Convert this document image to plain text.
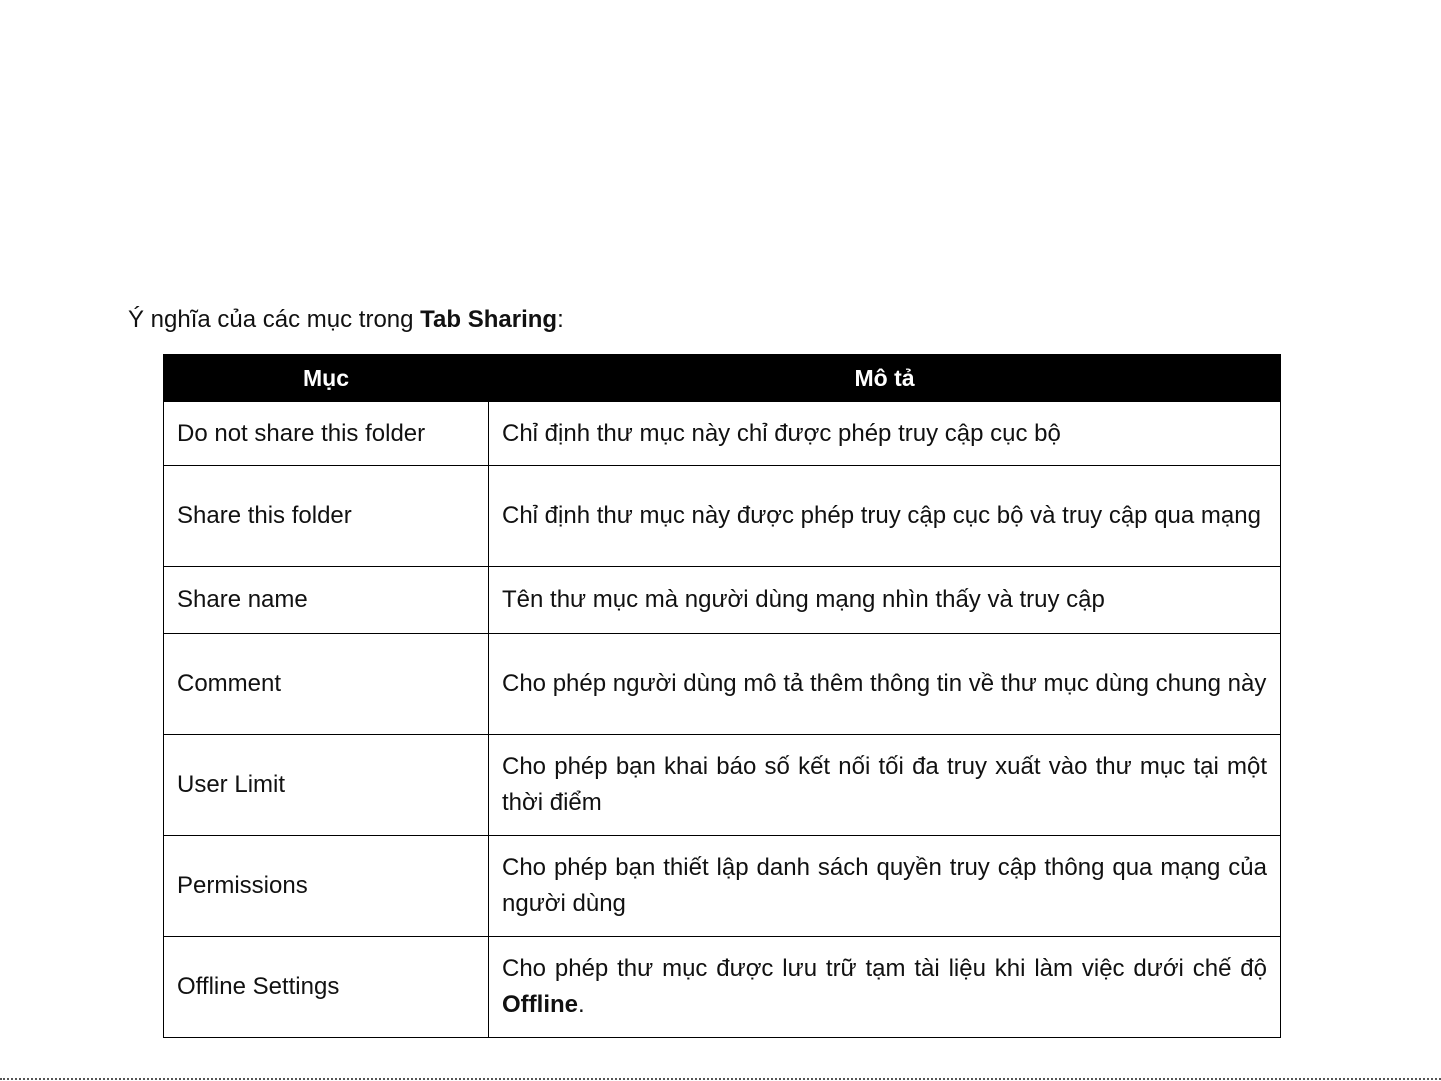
Ý nghĩa của các mục trong Tab Sharing:
Mục	Mô tả
Do not share this folder	Chỉ định thư mục này chỉ được phép truy cập cục bộ
Share this folder	Chỉ định thư mục này được phép truy cập cục bộ và truy cập qua mạng
Share name	Tên thư mục mà người dùng mạng nhìn thấy và truy cập
Comment	Cho phép người dùng mô tả thêm thông tin về thư mục dùng chung này
User Limit	Cho phép bạn khai báo số kết nối tối đa truy xuất vào thư mục tại một thời điểm
Permissions	Cho phép bạn thiết lập danh sách quyền truy cập thông qua mạng của người dùng
Offline Settings	Cho phép thư mục được lưu trữ tạm tài liệu khi làm việc dưới chế độ Offline.
